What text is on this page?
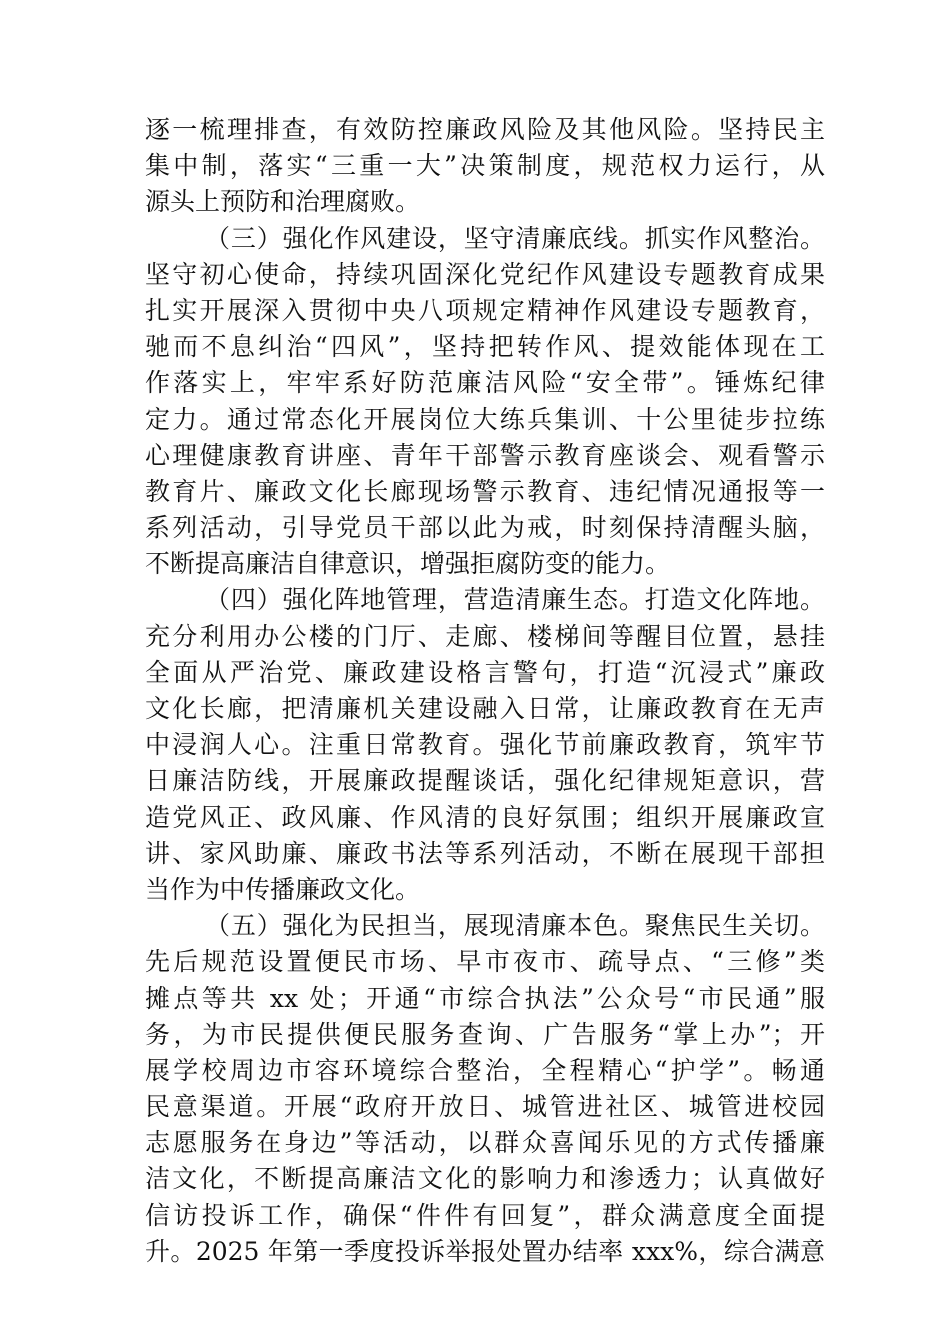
逐一梳理排查，有效防控廉政风险及其他风险。坚持民主
集中制，落实“三重一大”决策制度，规范权力运行，从
源头上预防和治理腐败。
（三）强化作风建设，坚守清廉底线。抓实作风整治。
坚守初心使命，持续巩固深化党纪作风建设专题教育成果
扎实开展深入贯彻中央八项规定精神作风建设专题教育，
驰而不息纠治“四风”，坚持把转作风、提效能体现在工
作落实上，牢牢系好防范廉洁风险“安全带”。锤炼纪律
定力。通过常态化开展岗位大练兵集训、十公里徒步拉练
心理健康教育讲座、青年干部警示教育座谈会、观看警示
教育片、廉政文化长廊现场警示教育、违纪情况通报等一
系列活动，引导党员干部以此为戒，时刻保持清醒头脑，
不断提高廉洁自律意识，增强拒腐防变的能力。
（四）强化阵地管理，营造清廉生态。打造文化阵地。
充分利用办公楼的门厅、走廊、楼梯间等醒目位置，悬挂
全面从严治党、廉政建设格言警句，打造“沉浸式”廉政
文化长廊，把清廉机关建设融入日常，让廉政教育在无声
中浸润人心。注重日常教育。强化节前廉政教育，筑牢节
日廉洁防线，开展廉政提醒谈话，强化纪律规矩意识，营
造党风正、政风廉、作风清的良好氛围；组织开展廉政宣
讲、家风助廉、廉政书法等系列活动，不断在展现干部担
当作为中传播廉政文化。
（五）强化为民担当，展现清廉本色。聚焦民生关切。
先后规范设置便民市场、早市夜市、疏导点、“三修”类
摊点等共 xx 处；开通“市综合执法”公众号“市民通”服
务，为市民提供便民服务查询、广告服务“掌上办”；开
展学校周边市容环境综合整治，全程精心“护学”。畅通
民意渠道。开展“政府开放日、城管进社区、城管进校园
志愿服务在身边”等活动，以群众喜闻乐见的方式传播廉
洁文化，不断提高廉洁文化的影响力和渗透力；认真做好
信访投诉工作，确保“件件有回复”，群众满意度全面提
升。2025 年第一季度投诉举报处置办结率 xxx%，综合满意
